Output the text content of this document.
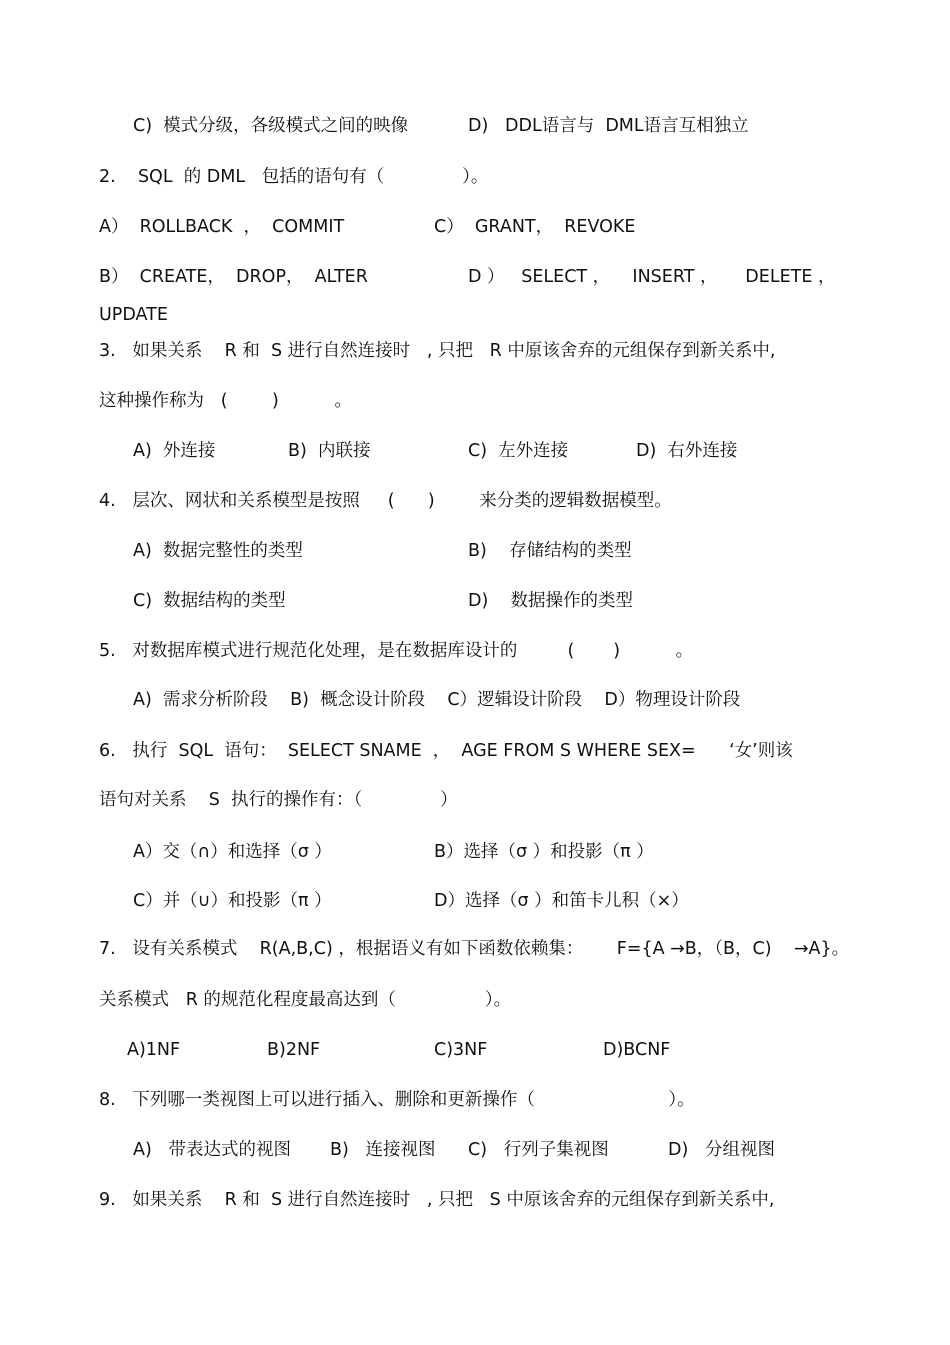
C)  模式分级，各级模式之间的映像	D)   DDL语言与  DML语言互相独立
2.    SQL  的 DML   包括的语句有（              ）。
A）  ROLLBACK  ，  COMMIT	C）  GRANT，  REVOKE
B）  CREATE，  DROP，  ALTER	D ）   SELECT ，    INSERT ，     DELETE ，
UPDATE
3.   如果关系    R 和  S 进行自然连接时   , 只把   R 中原该舍弃的元组保存到新关系中,
这种操作称为   (        )          。
A)  外连接	B)  内联接	C)  左外连接	D)  右外连接
4.   层次、网状和关系模型是按照     (      )        来分类的逻辑数据模型。
A)  数据完整性的类型	B)    存储结构的类型
C)  数据结构的类型	D)    数据操作的类型
5.   对数据库模式进行规范化处理，是在数据库设计的         (       )          。
A)  需求分析阶段    B)  概念设计阶段    C）逻辑设计阶段    D）物理设计阶段
6.   执行  SQL  语句：  SELECT SNAME  ，  AGE FROM S WHERE SEX=      ‘女’则该
语句对关系    S  执行的操作有：（              ）
A）交（∩）和选择（σ ）	B）选择（σ ）和投影（π ）
C）并（∪）和投影（π ）	D）选择（σ ）和笛卡儿积（×）
7.   设有关系模式    R(A,B,C) ，根据语义有如下函数依赖集：      F={A →B，（B，C)    →A}。
关系模式   R 的规范化程度最高达到（                ）。
A)1NF	B)2NF	C)3NF	D)BCNF
8.   下列哪一类视图上可以进行插入、删除和更新操作（                        ）。
A)   带表达式的视图 B)   连接视图 C)   行列子集视图	D)   分组视图
9.   如果关系    R 和  S 进行自然连接时   , 只把   S 中原该舍弃的元组保存到新关系中,
